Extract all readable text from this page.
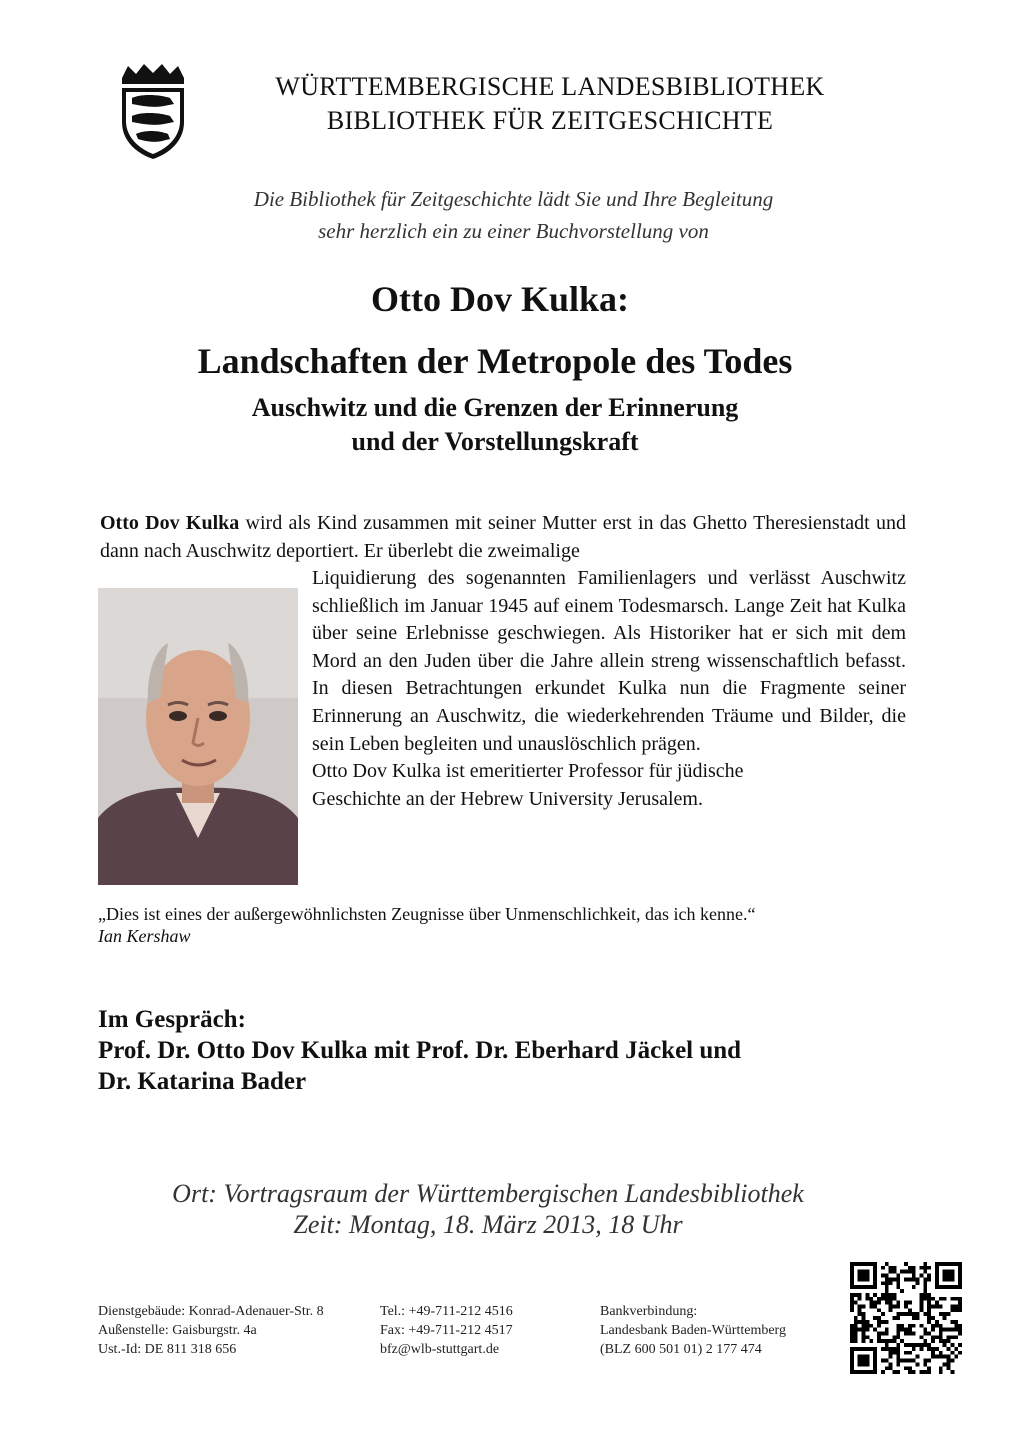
WÜRTTEMBERGISCHE LANDESBIBLIOTHEK
BIBLIOTHEK FÜR ZEITGESCHICHTE
Die Bibliothek für Zeitgeschichte lädt Sie und Ihre Begleitung
sehr herzlich ein zu einer Buchvorstellung von
Otto Dov Kulka:
Landschaften der Metropole des Todes
Auschwitz und die Grenzen der Erinnerung
und der Vorstellungskraft
Otto Dov Kulka wird als Kind zusammen mit seiner Mutter erst in das Ghetto Theresienstadt und dann nach Auschwitz deportiert. Er überlebt die zweimalige

Liquidierung des sogenannten Familienlagers und verlässt Auschwitz schließlich im Januar 1945 auf einem Todesmarsch. Lange Zeit hat Kulka über seine Erlebnisse geschwiegen. Als Historiker hat er sich mit dem Mord an den Juden über die Jahre allein streng wissenschaftlich befasst. In diesen Betrachtungen erkundet Kulka nun die Fragmente seiner Erinnerung an Auschwitz, die wiederkehrenden Träume und Bilder, die sein Leben begleiten und unauslöschlich prägen.

Otto Dov Kulka ist emeritierter Professor für jüdische

Geschichte an der Hebrew University Jerusalem.

„Dies ist eines der außergewöhnlichsten Zeugnisse über Unmenschlichkeit, das ich kenne.“
Ian Kershaw
Im Gespräch:
Prof. Dr. Otto Dov Kulka mit Prof. Dr. Eberhard Jäckel und
Dr. Katarina Bader
Ort: Vortragsraum der Württembergischen Landesbibliothek
Zeit: Montag, 18. März 2013, 18 Uhr
Dienstgebäude: Konrad-Adenauer-Str. 8
Außenstelle: Gaisburgstr. 4a
Ust.-Id: DE 811 318 656
Tel.: +49-711-212 4516
Fax: +49-711-212 4517
bfz@wlb-stuttgart.de
Bankverbindung:
Landesbank Baden-Württemberg
(BLZ 600 501 01) 2 177 474
